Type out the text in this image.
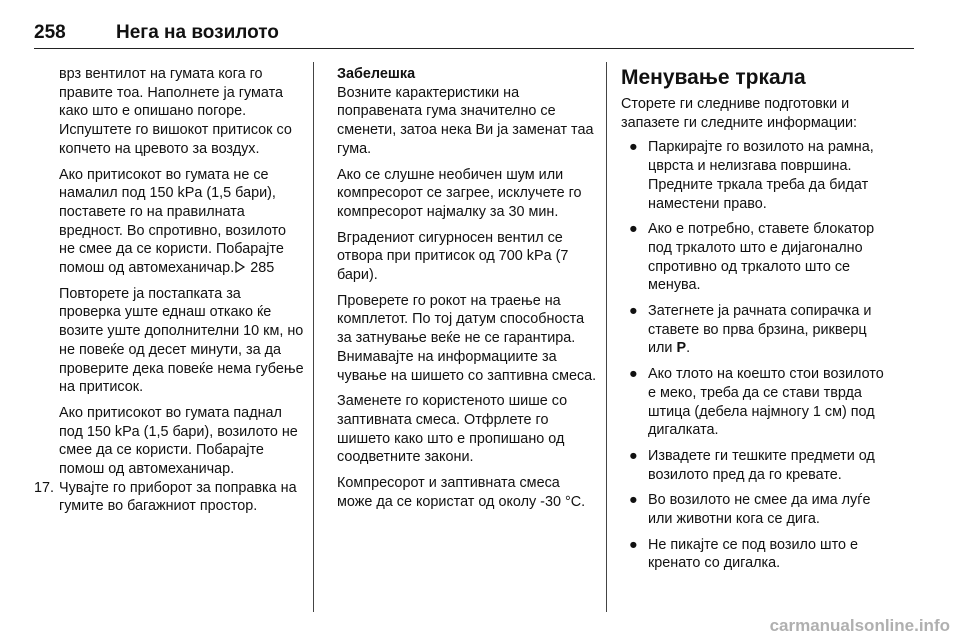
258	Нега на возилото

врз вентилот на гумата кога го правите тоа. Наполнете ја гумата како што е опишано погоре. Испуштете го вишокот притисок со копчето на цревото за воздух.

Ако притисокот во гумата не се намалил под 150 kPa (1,5 бари), поставете го на правилната вредност. Во спротивно, возилото не смее да се користи. Побарајте помош од автомеханичар. 285

Повторете ја постапката за проверка уште еднаш откако ќе возите уште дополнителни 10 км, но не повеќе од десет минути, за да проверите дека повеќе нема губење на притисок.

Ако притисокот во гумата паднал под 150 kPa (1,5 бари), возилото не смее да се користи. Побарајте помош од автомеханичар.

17. Чувајте го приборот за поправка на гумите во багажниот простор.

Забелешка

Возните карактеристики на поправената гума значително се сменети, затоа нека Ви ја заменат таа гума.

Ако се слушне необичен шум или компресорот се загрее, исклучете го компресорот најмалку за 30 мин.

Вградениот сигурносен вентил се отвора при притисок од 700 kPa (7 бари).

Проверете го рокот на траење на комплетот. По тој датум способноста за затнување веќе не се гарантира. Внимавајте на информациите за чување на шишето со заптивна смеса.

Заменете го користеното шише со заптивната смеса. Отфрлете го шишето како што е пропишано од соодветните закони.

Компресорот и заптивната смеса може да се користат од околу -30 °C.

Менување тркала

Сторете ги следниве подготовки и запазете ги следните информации:

● Паркирајте го возилото на рамна, цврста и нелизгава површина. Предните тркала треба да бидат наместени право.
● Ако е потребно, ставете блокатор под тркалото што е дијагонално спротивно од тркалото што се менува.
● Затегнете ја рачната сопирачка и ставете во прва брзина, рикверц или P.
● Ако тлото на коешто стои возилото е меко, треба да се стави тврда штица (дебела најмногу 1 см) под дигалката.
● Извадете ги тешките предмети од возилото пред да го кревате.
● Во возилото не смее да има луѓе или животни кога се дига.
● Не пикајте се под возило што е кренато со дигалка.
carmanualsonline.info
